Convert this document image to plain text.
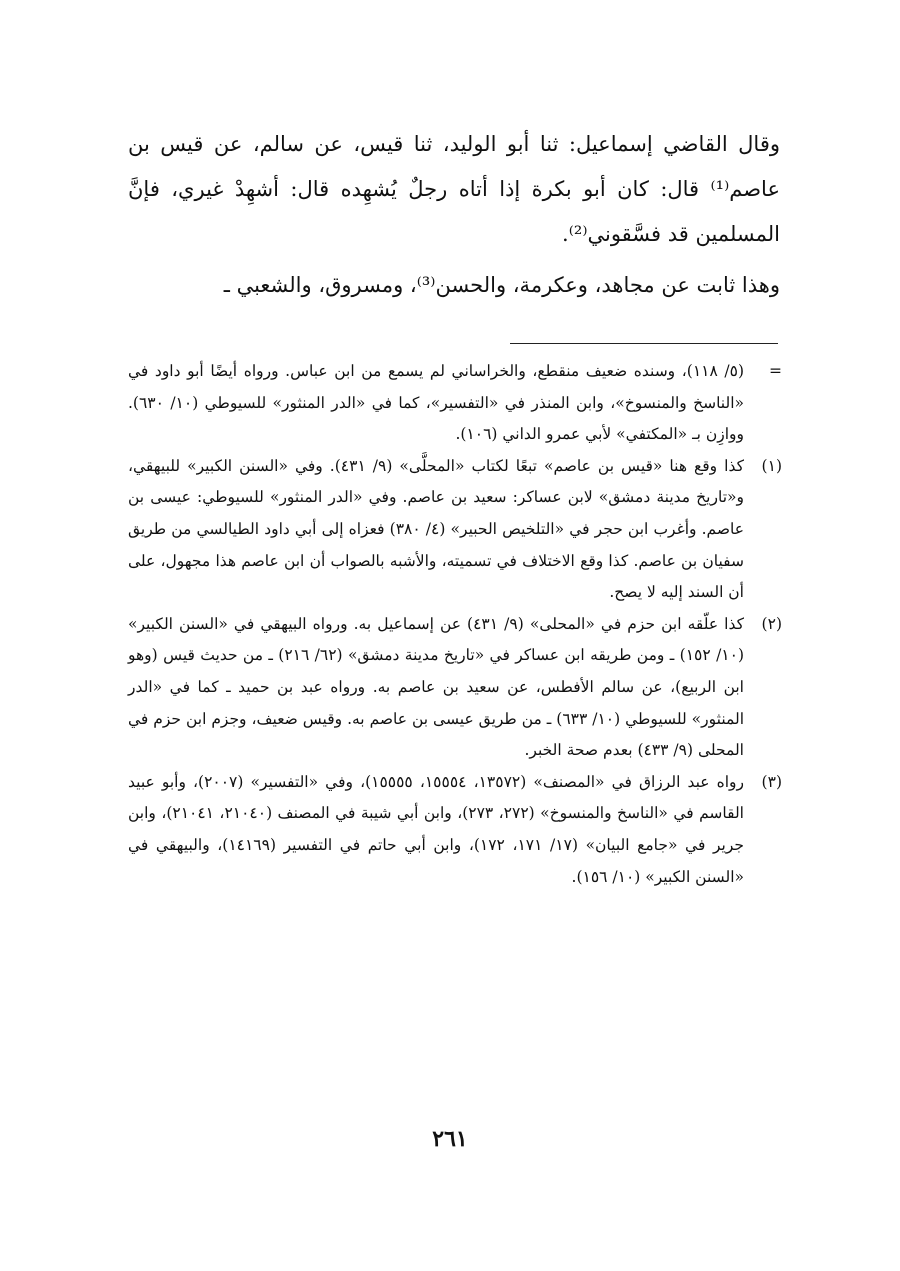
وقال القاضي إسماعيل: ثنا أبو الوليد، ثنا قيس، عن سالم، عن قيس بن عاصم⁽¹⁾ قال: كان أبو بكرة إذا أتاه رجلٌ يُشهِده قال: أشهِدْ غيري، فإنَّ المسلمين قد فسَّقوني⁽²⁾.

وهذا ثابت عن مجاهد، وعكرمة، والحسن⁽³⁾، ومسروق، والشعبي ـ

=
(٥/ ١١٨)، وسنده ضعيف منقطع، والخراساني لم يسمع من ابن عباس. ورواه أيضًا أبو داود في «الناسخ والمنسوخ»، وابن المنذر في «التفسير»، كما في «الدر المنثور» للسيوطي (١٠/ ٦٣٠). ووازِن بـ «المكتفي» لأبي عمرو الداني (١٠٦).
(١)
كذا وقع هنا «قيس بن عاصم» تبعًا لكتاب «المحلَّى» (٩/ ٤٣١). وفي «السنن الكبير» للبيهقي، و«تاريخ مدينة دمشق» لابن عساكر: سعيد بن عاصم. وفي «الدر المنثور» للسيوطي: عيسى بن عاصم. وأغرب ابن حجر في «التلخيص الحبير» (٤/ ٣٨٠) فعزاه إلى أبي داود الطيالسي من طريق سفيان بن عاصم. كذا وقع الاختلاف في تسميته، والأشبه بالصواب أن ابن عاصم هذا مجهول، على أن السند إليه لا يصح.
(٢)
كذا علّقه ابن حزم في «المحلى» (٩/ ٤٣١) عن إسماعيل به. ورواه البيهقي في «السنن الكبير» (١٠/ ١٥٢) ـ ومن طريقه ابن عساكر في «تاريخ مدينة دمشق» (٦٢/ ٢١٦) ـ من حديث قيس (وهو ابن الربيع)، عن سالم الأفطس، عن سعيد بن عاصم به. ورواه عبد بن حميد ـ كما في «الدر المنثور» للسيوطي (١٠/ ٦٣٣) ـ من طريق عيسى بن عاصم به. وقيس ضعيف، وجزم ابن حزم في المحلى (٩/ ٤٣٣) بعدم صحة الخبر.
(٣)
رواه عبد الرزاق في «المصنف» (١٣٥٧٢، ١٥٥٥٤، ١٥٥٥٥)، وفي «التفسير» (٢٠٠٧)، وأبو عبيد القاسم في «الناسخ والمنسوخ» (٢٧٢، ٢٧٣)، وابن أبي شيبة في المصنف (٢١٠٤٠، ٢١٠٤١)، وابن جرير في «جامع البيان» (١٧/ ١٧١، ١٧٢)، وابن أبي حاتم في التفسير (١٤١٦٩)، والبيهقي في «السنن الكبير» (١٠/ ١٥٦).
٢٦١
